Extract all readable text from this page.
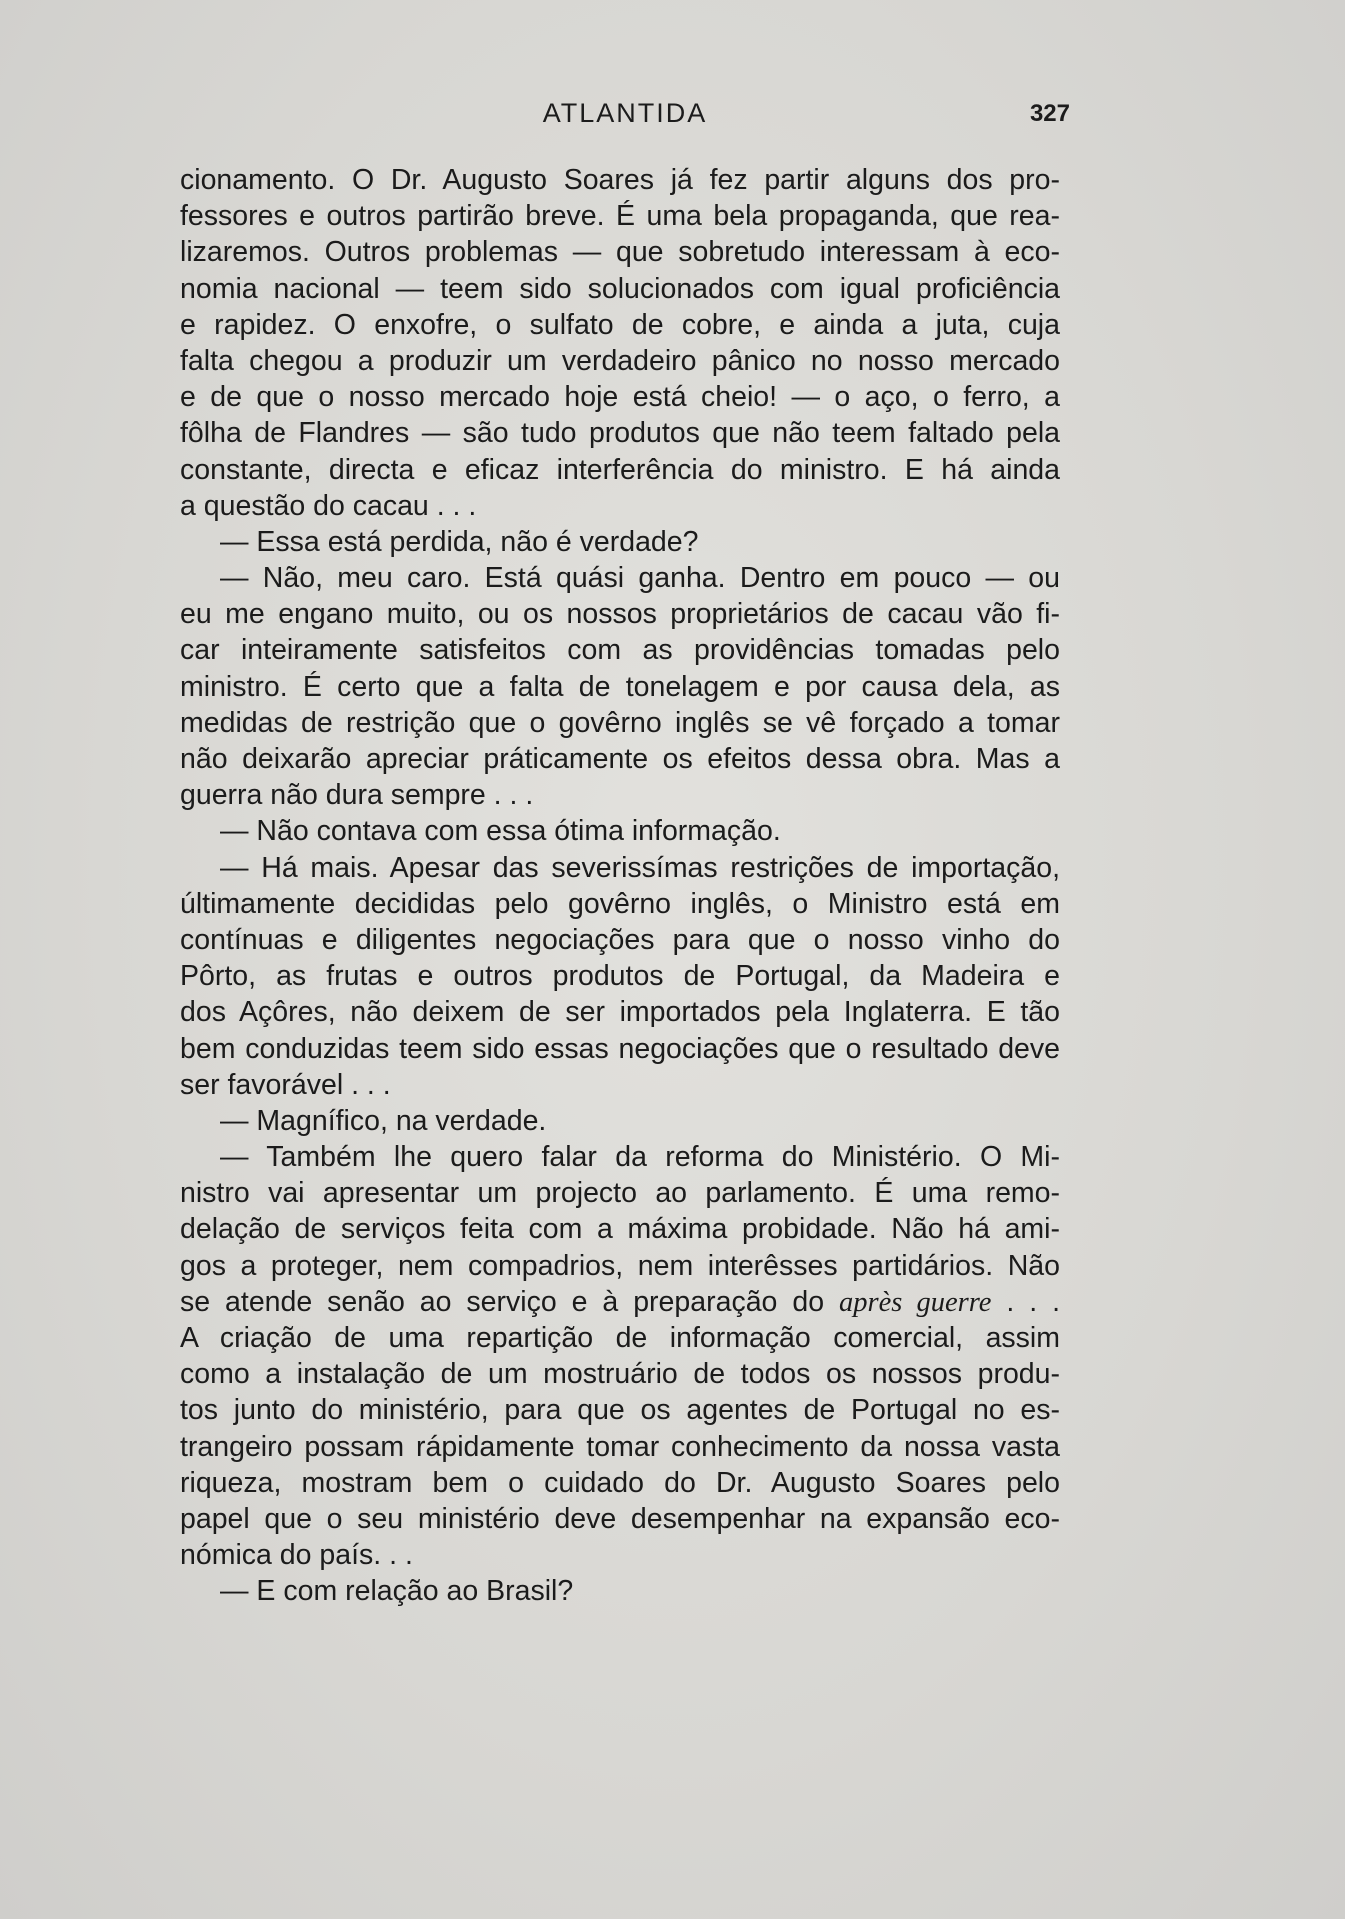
ATLANTIDA	327
cionamento. O Dr. Augusto Soares já fez partir alguns dos pro-
fessores e outros partirão breve. É uma bela propaganda, que rea-
lizaremos. Outros problemas — que sobretudo interessam à eco-
nomia nacional — teem sido solucionados com igual proficiência
e rapidez. O enxofre, o sulfato de cobre, e ainda a juta, cuja
falta chegou a produzir um verdadeiro pânico no nosso mercado
e de que o nosso mercado hoje está cheio! — o aço, o ferro, a
fôlha de Flandres — são tudo produtos que não teem faltado pela
constante, directa e eficaz interferência do ministro. E há ainda
a questão do cacau . . .
— Essa está perdida, não é verdade?
— Não, meu caro. Está quási ganha. Dentro em pouco — ou
eu me engano muito, ou os nossos proprietários de cacau vão fi-
car inteiramente satisfeitos com as providências tomadas pelo
ministro. É certo que a falta de tonelagem e por causa dela, as
medidas de restrição que o govêrno inglês se vê forçado a tomar
não deixarão apreciar práticamente os efeitos dessa obra. Mas a
guerra não dura sempre . . .
— Não contava com essa ótima informação.
— Há mais. Apesar das severissímas restrições de importação,
últimamente decididas pelo govêrno inglês, o Ministro está em
contínuas e diligentes negociações para que o nosso vinho do
Pôrto, as frutas e outros produtos de Portugal, da Madeira e
dos Açôres, não deixem de ser importados pela Inglaterra. E tão
bem conduzidas teem sido essas negociações que o resultado deve
ser favorável . . .
— Magnífico, na verdade.
— Também lhe quero falar da reforma do Ministério. O Mi-
nistro vai apresentar um projecto ao parlamento. É uma remo-
delação de serviços feita com a máxima probidade. Não há ami-
gos a proteger, nem compadrios, nem interêsses partidários. Não
se atende senão ao serviço e à preparação do après guerre . . .
A criação de uma repartição de informação comercial, assim
como a instalação de um mostruário de todos os nossos produ-
tos junto do ministério, para que os agentes de Portugal no es-
trangeiro possam rápidamente tomar conhecimento da nossa vasta
riqueza, mostram bem o cuidado do Dr. Augusto Soares pelo
papel que o seu ministério deve desempenhar na expansão eco-
nómica do país. . .
— E com relação ao Brasil?
